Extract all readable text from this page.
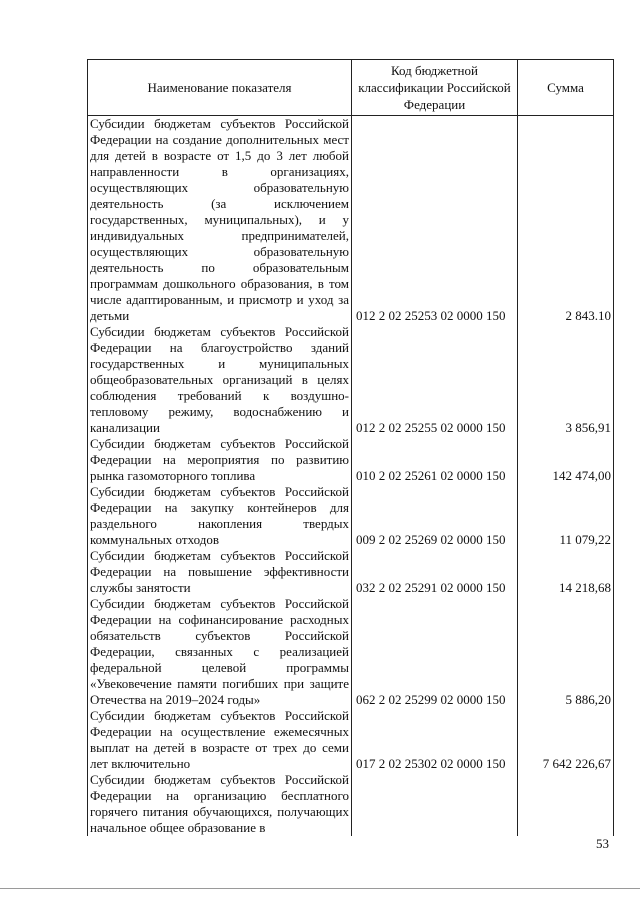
Наименование показателя	Код бюджетной классификации Российской Федерации	Сумма
Субсидии бюджетам субъектов Российской Федерации на создание дополнительных мест для детей в возрасте от 1,5 до 3 лет любой направленности в организациях, осуществляющих образовательную деятельность (за исключением государственных, муниципальных), и у индивидуальных предпринимателей, осуществляющих образовательную деятельность по образовательным программам дошкольного образования, в том числе адаптированным, и присмотр и уход за детьми	012 2 02 25253 02 0000 150	2 843.10
Субсидии бюджетам субъектов Российской Федерации на благоустройство зданий государственных и муниципальных общеобразовательных организаций в целях соблюдения требований к воздушно-тепловому режиму, водоснабжению и канализации	012 2 02 25255 02 0000 150	3 856,91
Субсидии бюджетам субъектов Российской Федерации на мероприятия по развитию рынка газомоторного топлива	010 2 02 25261 02 0000 150	142 474,00
Субсидии бюджетам субъектов Российской Федерации на закупку контейнеров для раздельного накопления твердых коммунальных отходов	009 2 02 25269 02 0000 150	11 079,22
Субсидии бюджетам субъектов Российской Федерации на повышение эффективности службы занятости	032 2 02 25291 02 0000 150	14 218,68
Субсидии бюджетам субъектов Российской Федерации на софинансирование расходных обязательств субъектов Российской Федерации, связанных с реализацией федеральной целевой программы «Увековечение памяти погибших при защите Отечества на 2019–2024 годы»	062 2 02 25299 02 0000 150	5 886,20
Субсидии бюджетам субъектов Российской Федерации на осуществление ежемесячных выплат на детей в возрасте от трех до семи лет включительно	017 2 02 25302 02 0000 150	7 642 226,67
Субсидии бюджетам субъектов Российской Федерации на организацию бесплатного горячего питания обучающихся, получающих начальное общее образование в		
53
